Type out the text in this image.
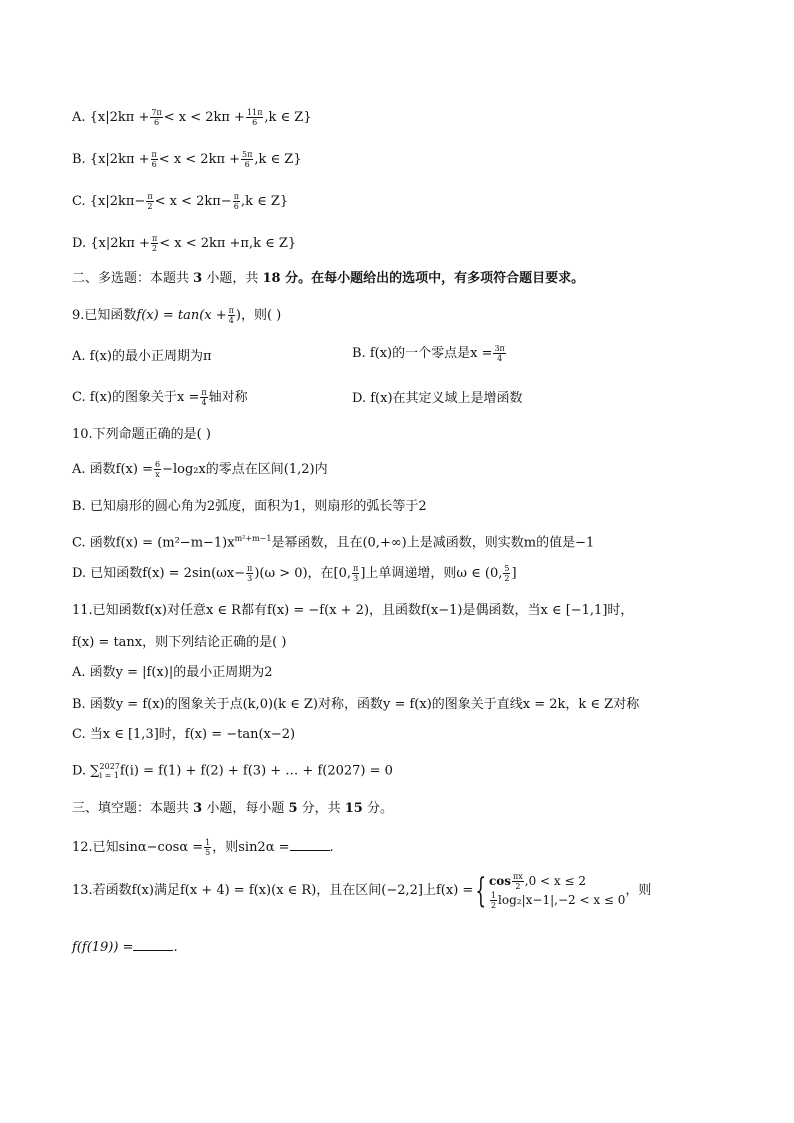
A. {$x|2k\pi + \frac{7\pi}{6} < x < 2k\pi + \frac{11\pi}{6} ,k$ ∈ Z}
B. {$x|2k\pi + \frac{\pi}{6} < x < 2k\pi + \frac{5\pi}{6} ,k$ ∈ Z}
C. {$x|2k\pi- \frac{\pi}{2} < x < 2k\pi- \frac{\pi}{6} ,k$ ∈ Z}
D. {$x|2k\pi + \frac{\pi}{2} < x < 2k\pi +\pi,k$ ∈ Z}
二、多选题：本题共 3 小题，共 18 分。在每小题给出的选项中，有多项符合题目要求。
9.已知函数$f(x) = \tan(x + \frac{\pi}{4}$ )，则( )
A. f(x)的最小正周期为π	B. f(x)的一个零点是$x = \frac{3\pi}{4}$
C. f(x)的图象关于$x = \frac{\pi}{4}$ 轴对称	D. f(x)在其定义域上是增函数
10.下列命题正确的是( )
A. 函数$f(x) = \frac{6}{x} -\log_2x$的零点在区间(1,2)内
B. 已知扇形的圆心角为2弧度，面积为1，则扇形的弧长等于2
C. 函数$f(x) = (m^2-m-1)x^{m^2+m-1}$是幂函数，且在(0,+∞)上是减函数，则实数m的值是−1
D. 已知函数$f(x) = 2\sin(\omega x- \frac{\pi}{3} )(\omega > 0)$，在[0, $\frac{\pi}{3}$ ]上单调递增，则ω ∈ (0, $\frac{5}{2}$ ]
11.已知函数f(x)对任意x ∈ R都有f(x) = −f(x + 2)，且函数f(x−1)是偶函数，当x ∈ [−1,1]时，
f(x) = tanx，则下列结论正确的是( )
A. 函数y = |f(x)|的最小正周期为2
B. 函数y = f(x)的图象关于点(k,0)(k ∈ Z)对称，函数y = f(x)的图象关于直线x = 2k，k ∈ Z对称
C. 当x ∈ [1,3]时，f(x) = −tan(x−2)
D. ∑ 2027
i = 1 f(i) = f(1) + f(2) + f(3) + … + f(2027) = 0
三、填空题：本题共 3 小题，每小题 5 分，共 15 分。
12.已知$\sin\alpha-\cos\alpha = \frac{1}{5}$ ，则sin2α =	.
13.若函数f(x)满足f(x + 4) = f(x)(x ∈ R)，且在区间(−2,2]上f(x) ={ $\cos \frac{\pi x}{2} ,0 < x \le 2$
$\frac{1}{2} \log_2|x-1|,-2 < x \le 0$
，则
f(f(19)) =	.
